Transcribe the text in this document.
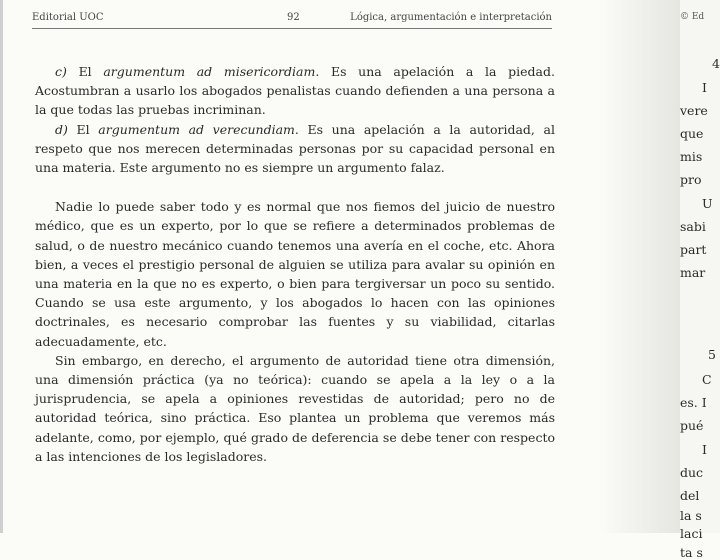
Editorial UOC	92	Lógica, argumentación e interpretación

c) El argumentum ad misericordiam. Es una apelación a la piedad. Acostumbran a usarlo los abogados penalistas cuando defienden a una persona a la que todas las pruebas incriminan.

d) El argumentum ad verecundiam. Es una apelación a la autoridad, al respeto que nos merecen determinadas personas por su capacidad personal en una materia. Este argumento no es siempre un argumento falaz.

Nadie lo puede saber todo y es normal que nos fiemos del juicio de nuestro médico, que es un experto, por lo que se refiere a determinados problemas de salud, o de nuestro mecánico cuando tenemos una avería en el coche, etc. Ahora bien, a veces el prestigio personal de alguien se utiliza para avalar su opinión en una materia en la que no es experto, o bien para tergiversar un poco su sentido. Cuando se usa este argumento, y los abogados lo hacen con las opiniones doctrinales, es necesario comprobar las fuentes y su viabilidad, citarlas adecuadamente, etc.

Sin embargo, en derecho, el argumento de autoridad tiene otra dimensión, una dimensión práctica (ya no teórica): cuando se apela a la ley o a la jurisprudencia, se apela a opiniones revestidas de autoridad; pero no de autoridad teórica, sino práctica. Eso plantea un problema que veremos más adelante, como, por ejemplo, qué grado de deferencia se debe tener con respecto a las intenciones de los legisladores.

© Ed
4
I
vere
que
mis
pro
U
sabi
part
mar
5
C
es. I
pué
I
duc
del
la s
laci
ta s
